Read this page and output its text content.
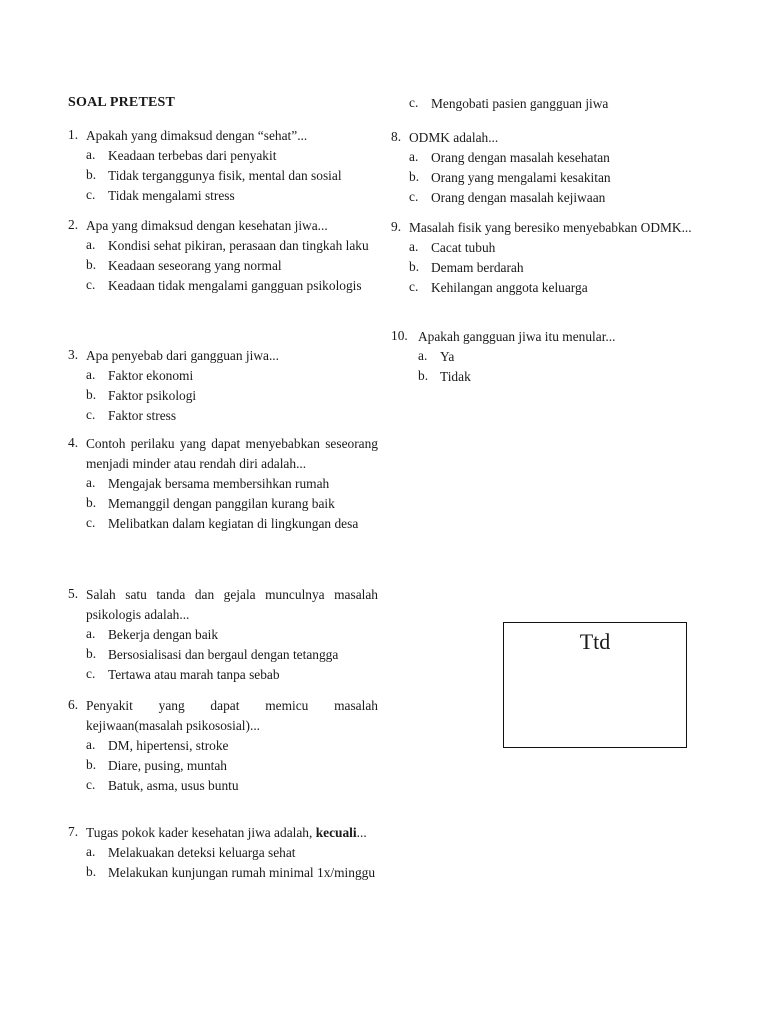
SOAL PRETEST
1. Apakah yang dimaksud dengan “sehat”...
a. Keadaan terbebas dari penyakit
b. Tidak terganggunya fisik, mental dan sosial
c. Tidak mengalami stress
2. Apa yang dimaksud dengan kesehatan jiwa...
a. Kondisi sehat pikiran, perasaan dan tingkah laku
b. Keadaan seseorang yang normal
c. Keadaan tidak mengalami gangguan psikologis
3. Apa penyebab dari gangguan jiwa...
a. Faktor ekonomi
b. Faktor psikologi
c. Faktor stress
4. Contoh perilaku yang dapat menyebabkan seseorang menjadi minder atau rendah diri adalah...
a. Mengajak bersama membersihkan rumah
b. Memanggil dengan panggilan kurang baik
c. Melibatkan dalam kegiatan di lingkungan desa
5. Salah satu tanda dan gejala munculnya masalah psikologis adalah...
a. Bekerja dengan baik
b. Bersosialisasi dan bergaul dengan tetangga
c. Tertawa atau marah tanpa sebab
6. Penyakit yang dapat memicu masalah kejiwaan(masalah psikososial)...
a. DM, hipertensi, stroke
b. Diare, pusing, muntah
c. Batuk, asma, usus buntu
7. Tugas pokok kader kesehatan jiwa adalah, kecuali...
a. Melakuakan deteksi keluarga sehat
b. Melakukan kunjungan rumah minimal 1x/minggu
c. Mengobati pasien gangguan jiwa
8. ODMK adalah...
a. Orang dengan masalah kesehatan
b. Orang yang mengalami kesakitan
c. Orang dengan masalah kejiwaan
9. Masalah fisik yang beresiko menyebabkan ODMK...
a. Cacat tubuh
b. Demam berdarah
c. Kehilangan anggota keluarga
10. Apakah gangguan jiwa itu menular...
a. Ya
b. Tidak
Ttd
